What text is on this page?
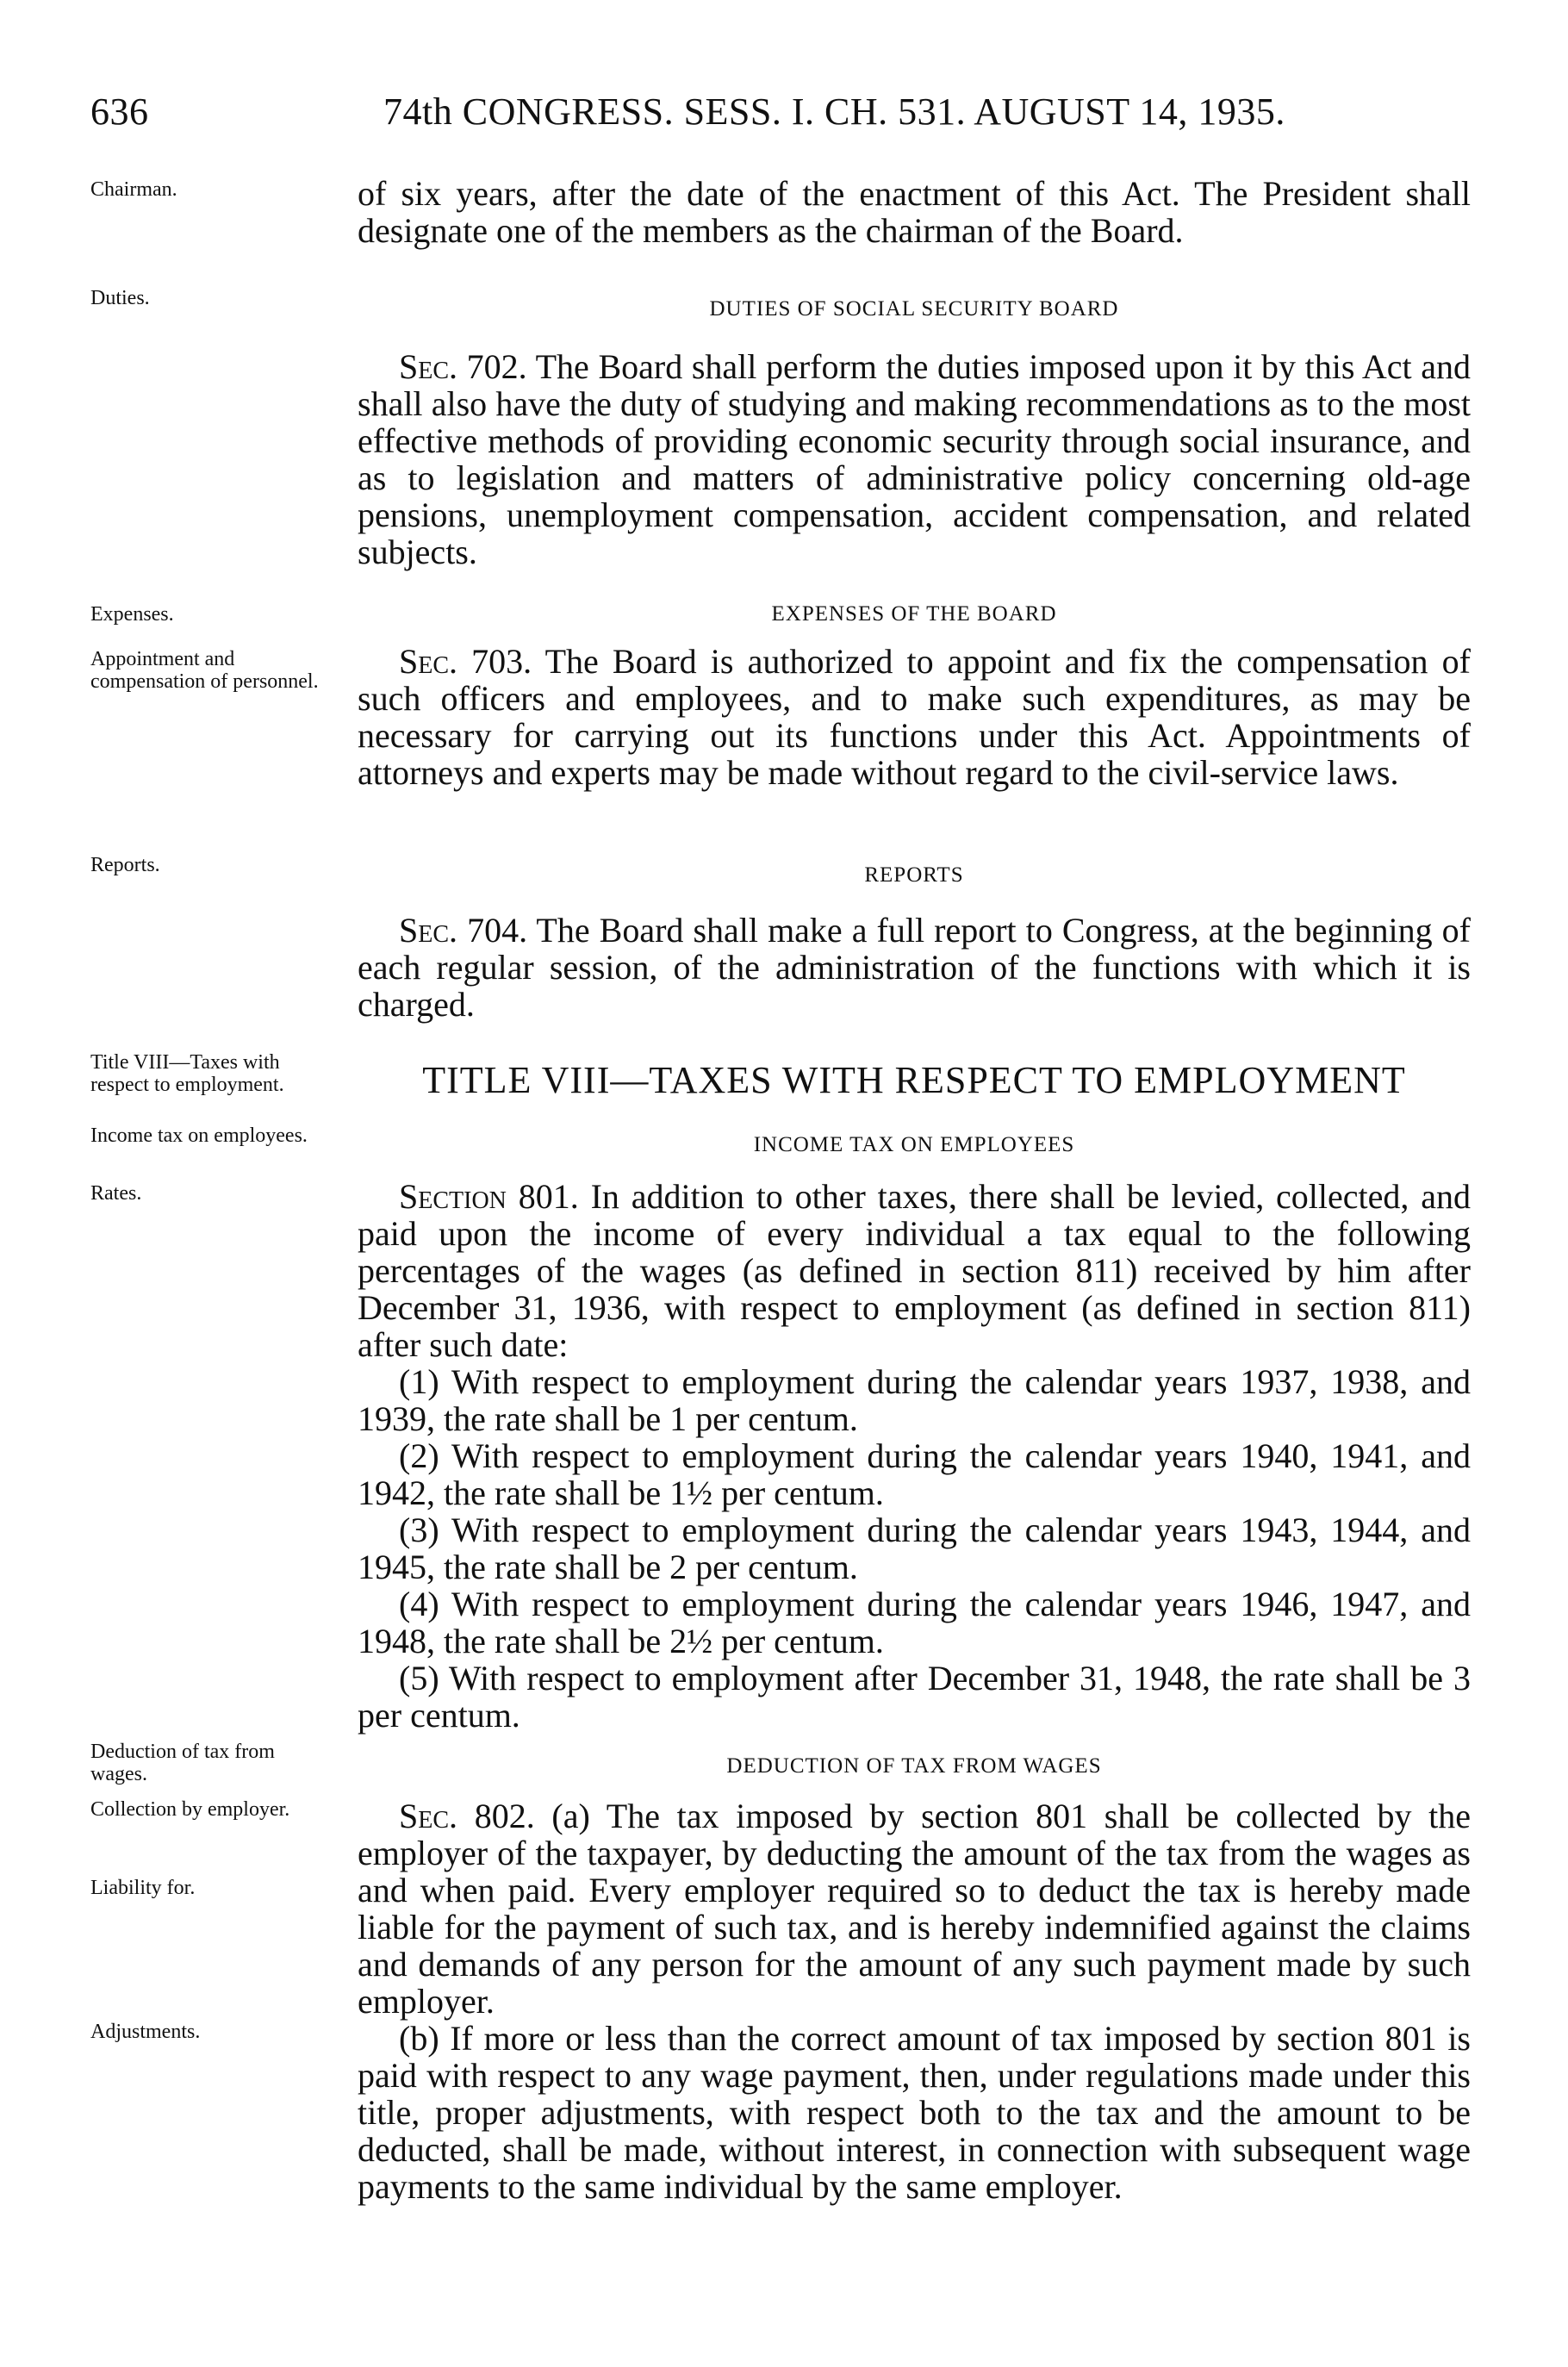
636	74th CONGRESS. SESS. I. CH. 531. AUGUST 14, 1935.
Chairman.
Duties.
Expenses.
Appointment and compensation of personnel.
Reports.
Title VIII—Taxes with respect to employment.
Income tax on employees.
Rates.
Deduction of tax from wages.
Collection by employer.
Liability for.
Adjustments.

of six years, after the date of the enactment of this Act. The President shall designate one of the members as the chairman of the Board.

DUTIES OF SOCIAL SECURITY BOARD

Sec. 702. The Board shall perform the duties imposed upon it by this Act and shall also have the duty of studying and making recommendations as to the most effective methods of providing economic security through social insurance, and as to legislation and matters of administrative policy concerning old-age pensions, unemployment compensation, accident compensation, and related subjects.

EXPENSES OF THE BOARD

Sec. 703. The Board is authorized to appoint and fix the compensation of such officers and employees, and to make such expenditures, as may be necessary for carrying out its functions under this Act. Appointments of attorneys and experts may be made without regard to the civil-service laws.

REPORTS

Sec. 704. The Board shall make a full report to Congress, at the beginning of each regular session, of the administration of the functions with which it is charged.

TITLE VIII—TAXES WITH RESPECT TO EMPLOYMENT
INCOME TAX ON EMPLOYEES

Section 801. In addition to other taxes, there shall be levied, collected, and paid upon the income of every individual a tax equal to the following percentages of the wages (as defined in section 811) received by him after December 31, 1936, with respect to employment (as defined in section 811) after such date:

(1) With respect to employment during the calendar years 1937, 1938, and 1939, the rate shall be 1 per centum.

(2) With respect to employment during the calendar years 1940, 1941, and 1942, the rate shall be 1½ per centum.

(3) With respect to employment during the calendar years 1943, 1944, and 1945, the rate shall be 2 per centum.

(4) With respect to employment during the calendar years 1946, 1947, and 1948, the rate shall be 2½ per centum.

(5) With respect to employment after December 31, 1948, the rate shall be 3 per centum.

DEDUCTION OF TAX FROM WAGES

Sec. 802. (a) The tax imposed by section 801 shall be collected by the employer of the taxpayer, by deducting the amount of the tax from the wages as and when paid. Every employer required so to deduct the tax is hereby made liable for the payment of such tax, and is hereby indemnified against the claims and demands of any person for the amount of any such payment made by such employer.

(b) If more or less than the correct amount of tax imposed by section 801 is paid with respect to any wage payment, then, under regulations made under this title, proper adjustments, with respect both to the tax and the amount to be deducted, shall be made, without interest, in connection with subsequent wage payments to the same individual by the same employer.
